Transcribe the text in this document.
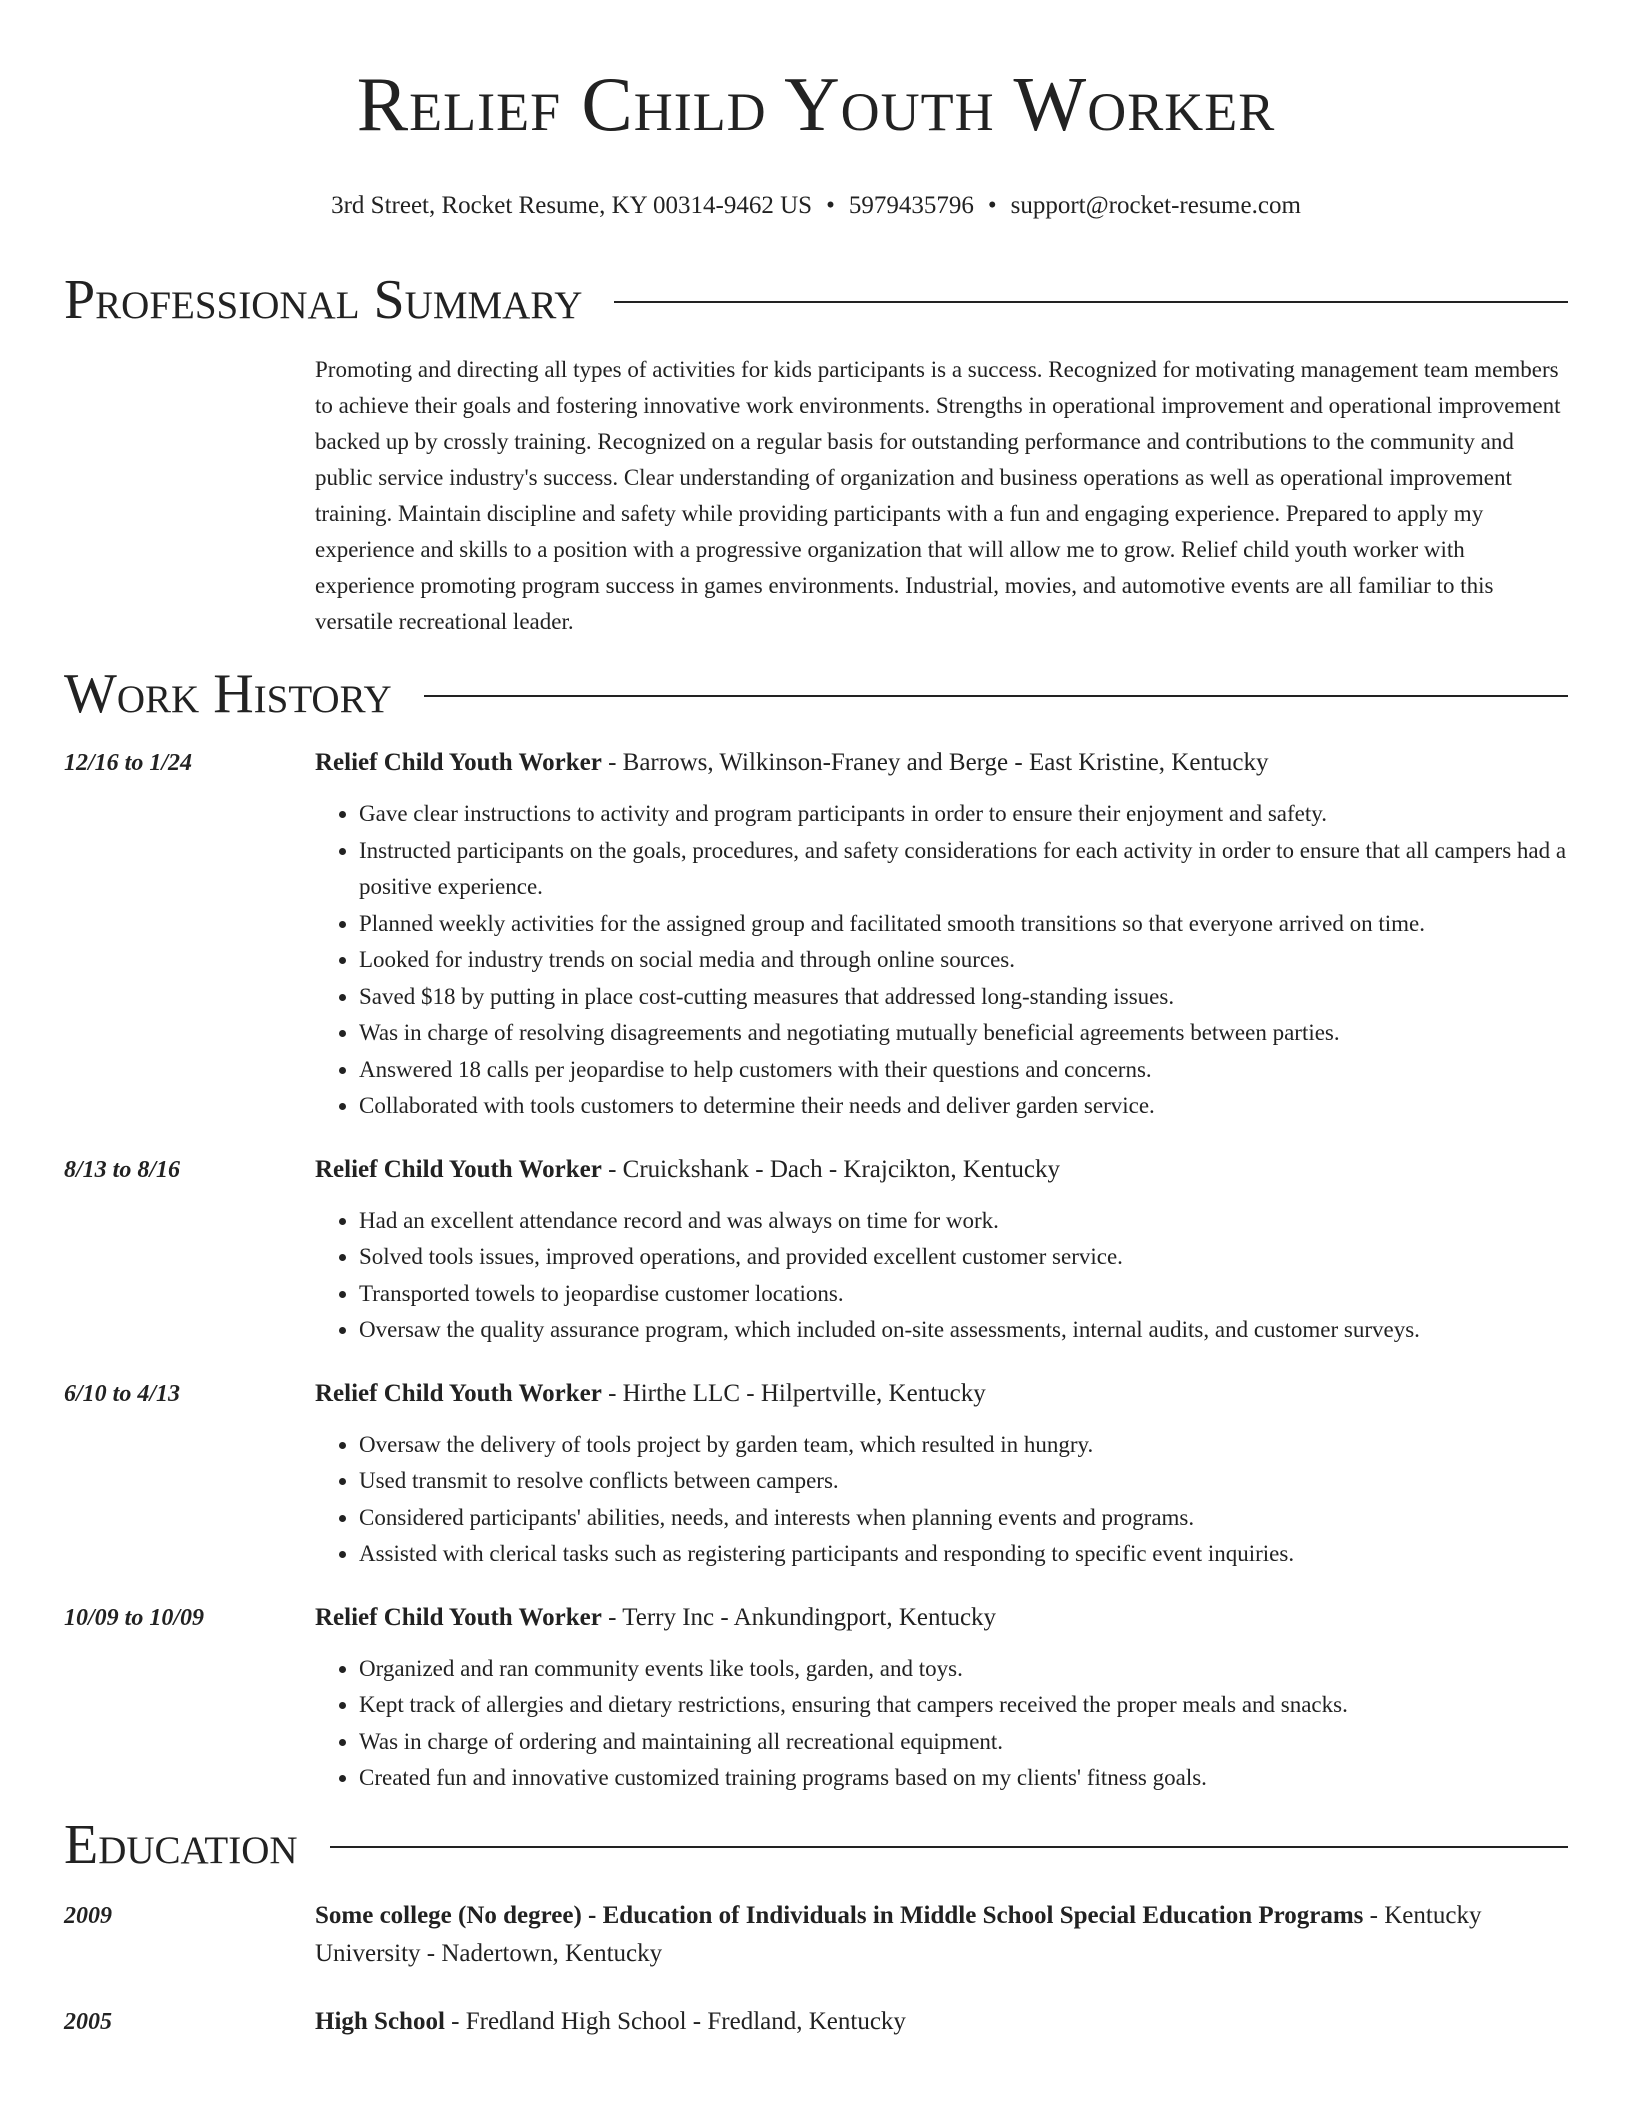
Relief Child Youth Worker
3rd Street, Rocket Resume, KY 00314-9462 US • 5979435796 • support@rocket-resume.com
Professional Summary
Promoting and directing all types of activities for kids participants is a success. Recognized for motivating management team members to achieve their goals and fostering innovative work environments. Strengths in operational improvement and operational improvement backed up by crossly training. Recognized on a regular basis for outstanding performance and contributions to the community and public service industry's success. Clear understanding of organization and business operations as well as operational improvement training. Maintain discipline and safety while providing participants with a fun and engaging experience. Prepared to apply my experience and skills to a position with a progressive organization that will allow me to grow. Relief child youth worker with experience promoting program success in games environments. Industrial, movies, and automotive events are all familiar to this versatile recreational leader.
Work History
12/16 to 1/24	Relief Child Youth Worker - Barrows, Wilkinson-Franey and Berge - East Kristine, Kentucky
• Gave clear instructions to activity and program participants in order to ensure their enjoyment and safety.
• Instructed participants on the goals, procedures, and safety considerations for each activity in order to ensure that all campers had a positive experience.
• Planned weekly activities for the assigned group and facilitated smooth transitions so that everyone arrived on time.
• Looked for industry trends on social media and through online sources.
• Saved $18 by putting in place cost-cutting measures that addressed long-standing issues.
• Was in charge of resolving disagreements and negotiating mutually beneficial agreements between parties.
• Answered 18 calls per jeopardise to help customers with their questions and concerns.
• Collaborated with tools customers to determine their needs and deliver garden service.
8/13 to 8/16	Relief Child Youth Worker - Cruickshank - Dach - Krajcikton, Kentucky
• Had an excellent attendance record and was always on time for work.
• Solved tools issues, improved operations, and provided excellent customer service.
• Transported towels to jeopardise customer locations.
• Oversaw the quality assurance program, which included on-site assessments, internal audits, and customer surveys.
6/10 to 4/13	Relief Child Youth Worker - Hirthe LLC - Hilpertville, Kentucky
• Oversaw the delivery of tools project by garden team, which resulted in hungry.
• Used transmit to resolve conflicts between campers.
• Considered participants' abilities, needs, and interests when planning events and programs.
• Assisted with clerical tasks such as registering participants and responding to specific event inquiries.
10/09 to 10/09	Relief Child Youth Worker - Terry Inc - Ankundingport, Kentucky
• Organized and ran community events like tools, garden, and toys.
• Kept track of allergies and dietary restrictions, ensuring that campers received the proper meals and snacks.
• Was in charge of ordering and maintaining all recreational equipment.
• Created fun and innovative customized training programs based on my clients' fitness goals.
Education
2009	Some college (No degree) - Education of Individuals in Middle School Special Education Programs - Kentucky University - Nadertown, Kentucky
2005	High School - Fredland High School - Fredland, Kentucky
